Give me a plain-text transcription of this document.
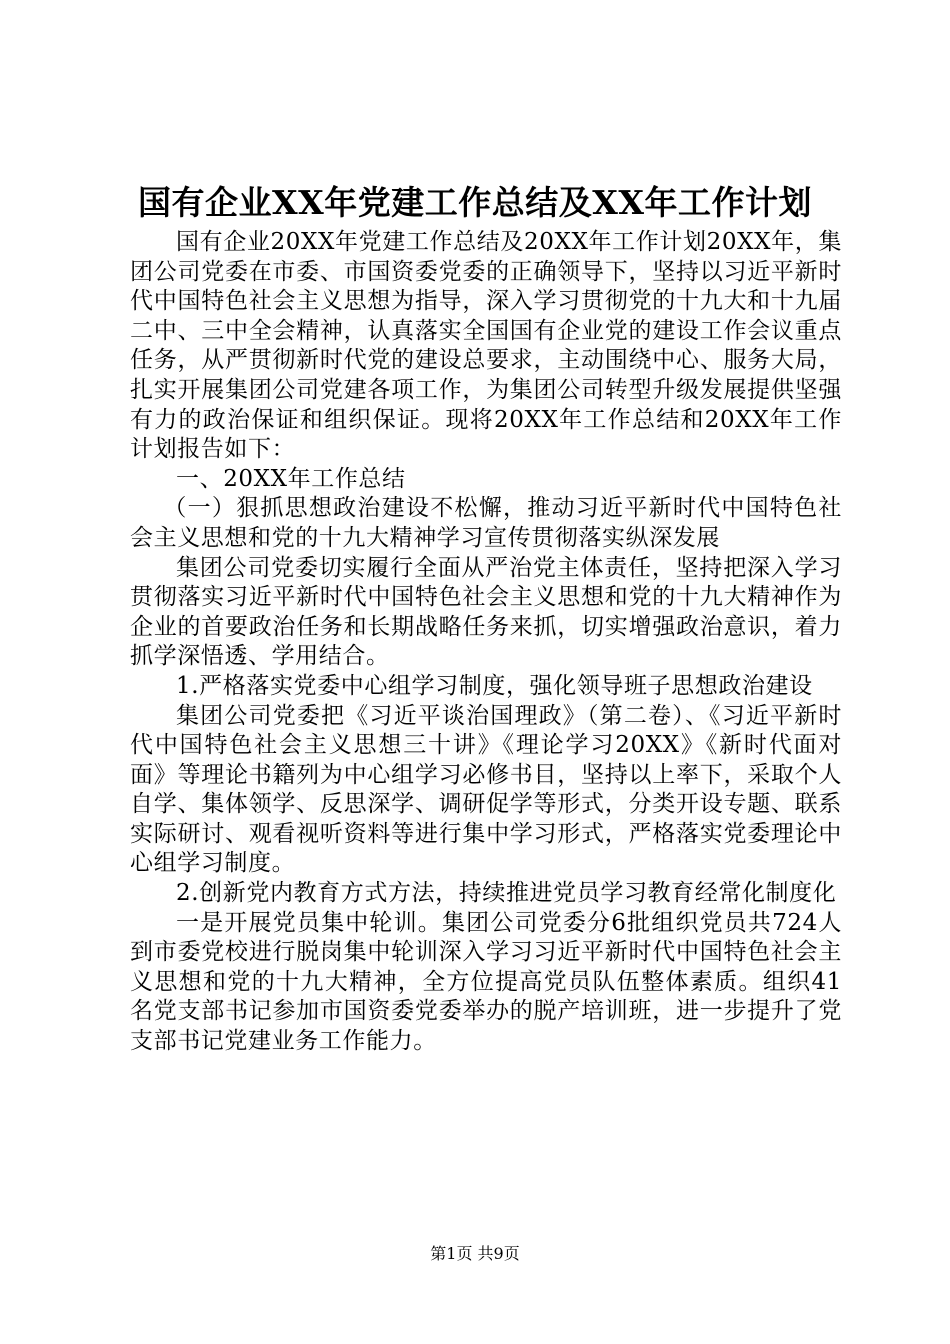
国有企业XX年党建工作总结及XX年工作计划

国有企业20XX年党建工作总结及20XX年工作计划20XX年，集团公司党委在市委、市国资委党委的正确领导下，坚持以习近平新时代中国特色社会主义思想为指导，深入学习贯彻党的十九大和十九届二中、三中全会精神，认真落实全国国有企业党的建设工作会议重点任务，从严贯彻新时代党的建设总要求，主动围绕中心、服务大局，扎实开展集团公司党建各项工作，为集团公司转型升级发展提供坚强有力的政治保证和组织保证。现将20XX年工作总结和20XX年工作计划报告如下：

一、20XX年工作总结

（一）狠抓思想政治建设不松懈，推动习近平新时代中国特色社会主义思想和党的十九大精神学习宣传贯彻落实纵深发展

集团公司党委切实履行全面从严治党主体责任，坚持把深入学习贯彻落实习近平新时代中国特色社会主义思想和党的十九大精神作为企业的首要政治任务和长期战略任务来抓，切实增强政治意识，着力抓学深悟透、学用结合。

1.严格落实党委中心组学习制度，强化领导班子思想政治建设

集团公司党委把《习近平谈治国理政》（第二卷）、《习近平新时代中国特色社会主义思想三十讲》《理论学习20XX》《新时代面对面》等理论书籍列为中心组学习必修书目，坚持以上率下，采取个人自学、集体领学、反思深学、调研促学等形式，分类开设专题、联系实际研讨、观看视听资料等进行集中学习形式，严格落实党委理论中心组学习制度。

2.创新党内教育方式方法，持续推进党员学习教育经常化制度化

一是开展党员集中轮训。集团公司党委分6批组织党员共724人到市委党校进行脱岗集中轮训深入学习习近平新时代中国特色社会主义思想和党的十九大精神，全方位提高党员队伍整体素质。组织41名党支部书记参加市国资委党委举办的脱产培训班，进一步提升了党支部书记党建业务工作能力。

第1页 共9页
